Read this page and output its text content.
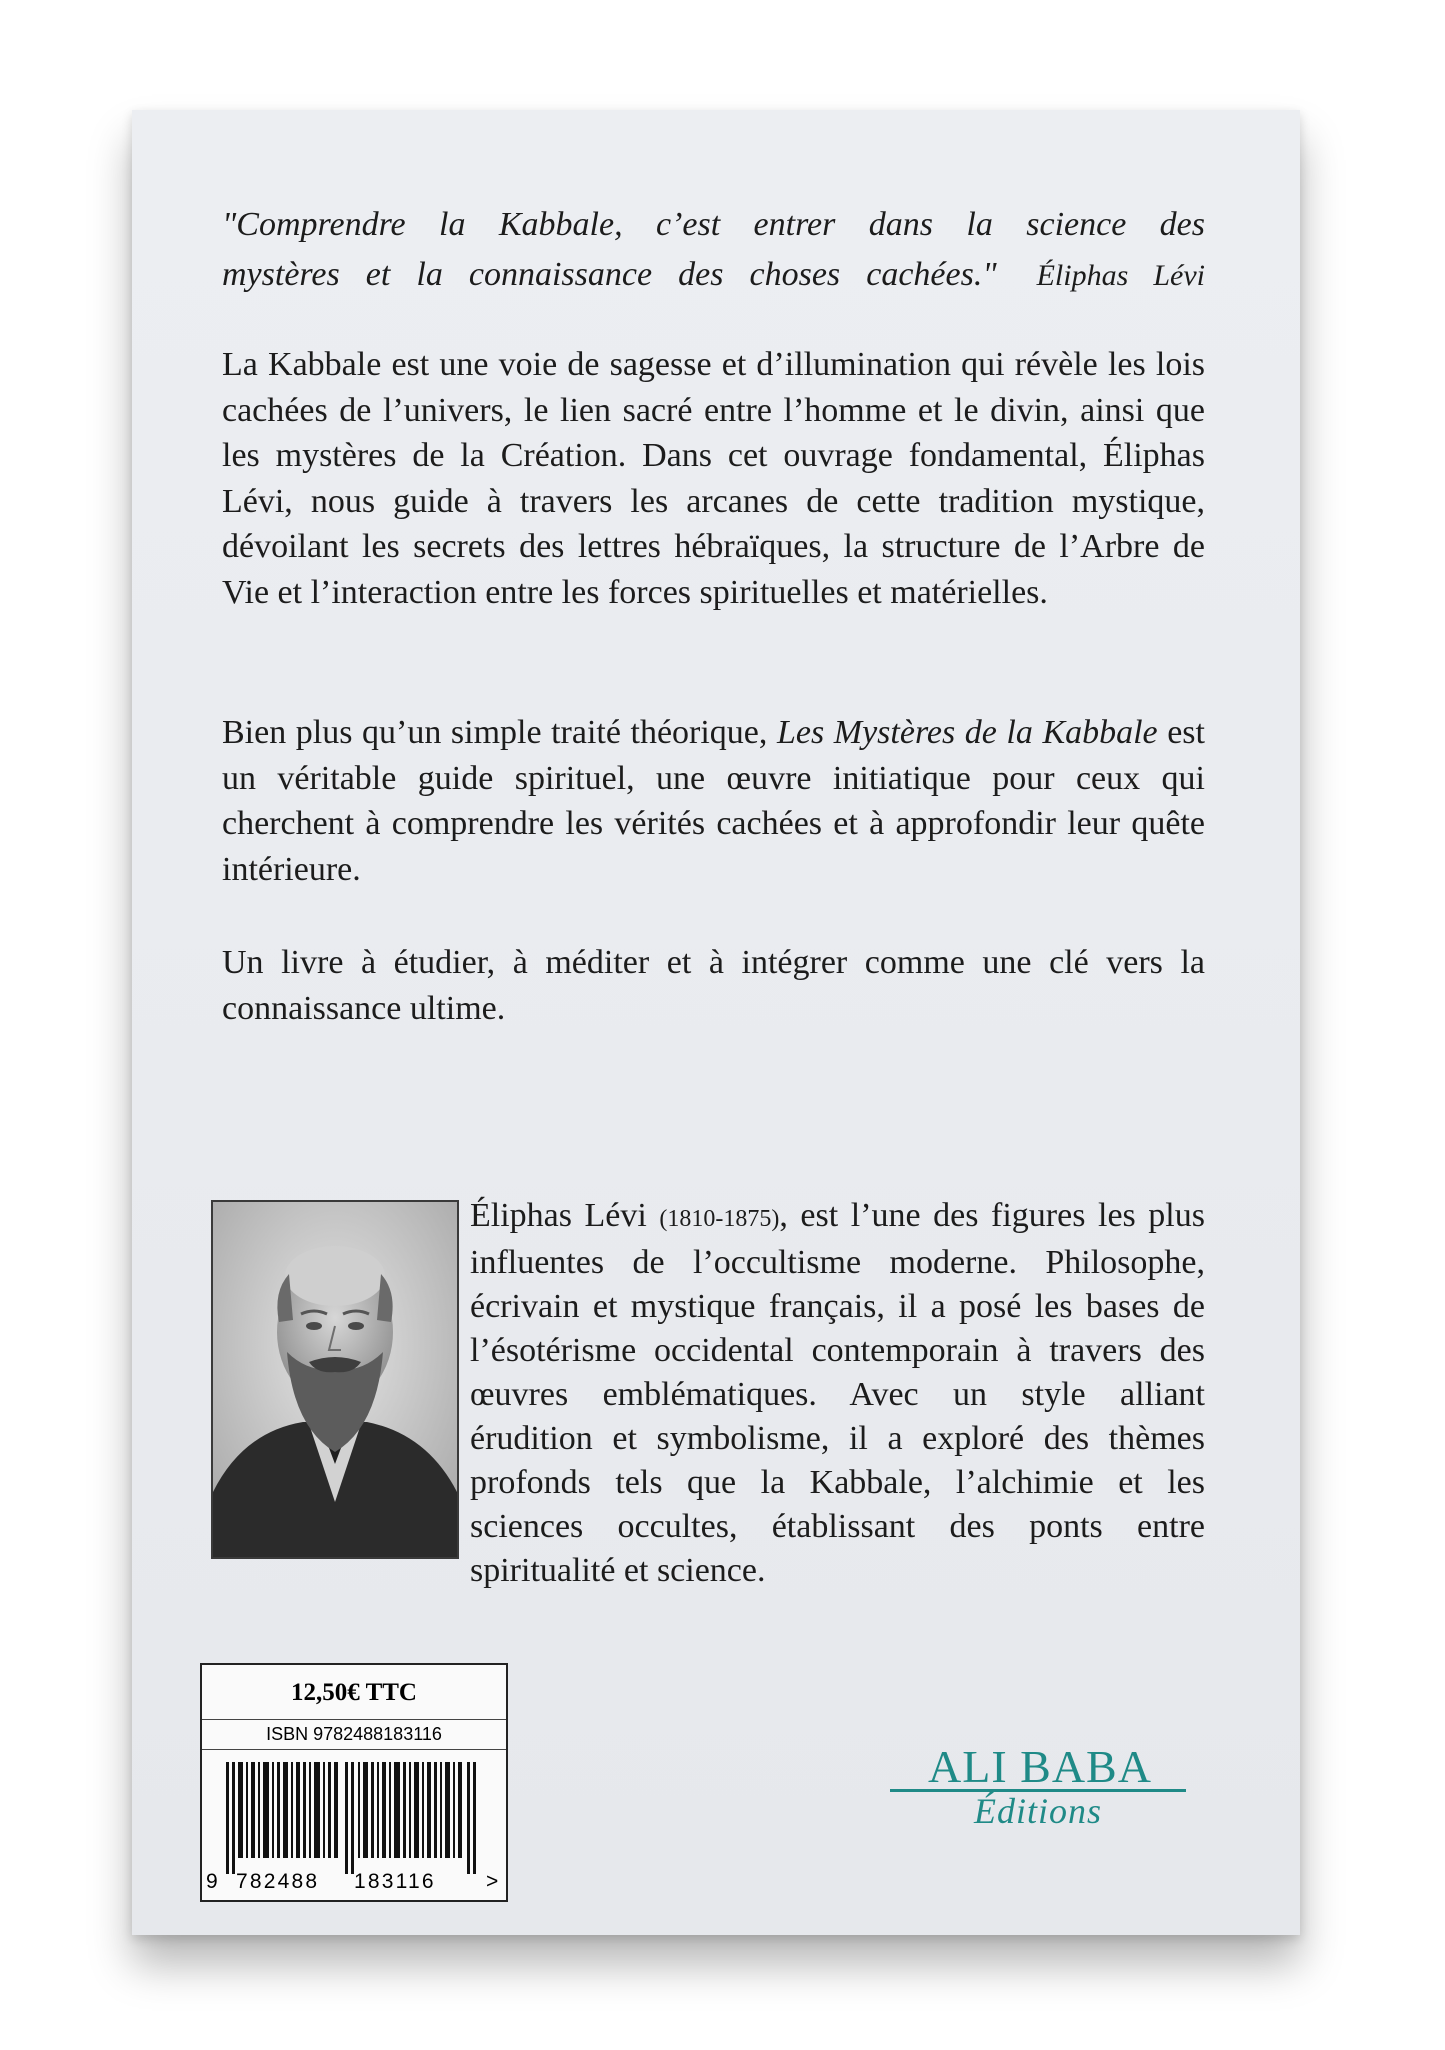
"Comprendre la Kabbale, c’est entrer dans la science des
mystères et la connaissance des choses cachées." Éliphas Lévi
La Kabbale est une voie de sagesse et d’illumination qui révèle les lois cachées de l’univers, le lien sacré entre l’homme et le divin, ainsi que les mystères de la Création. Dans cet ouvrage fondamental, Éliphas Lévi, nous guide à travers les arcanes de cette tradition mystique, dévoilant les secrets des lettres hébraïques, la structure de l’Arbre de Vie et l’interaction entre les forces spirituelles et matérielles.
Bien plus qu’un simple traité théorique, Les Mystères de la Kabbale est un véritable guide spirituel, une œuvre initiatique pour ceux qui cherchent à comprendre les vérités cachées et à approfondir leur quête intérieure.
Un livre à étudier, à méditer et à intégrer comme une clé vers la connaissance ultime.
Éliphas Lévi (1810-1875), est l’une des figures les plus influentes de l’occultisme moderne. Philosophe, écrivain et mystique français, il a posé les bases de l’ésotérisme occidental contemporain à travers des œuvres emblématiques. Avec un style alliant érudition et symbolisme, il a exploré des thèmes profonds tels que la Kabbale, l’alchimie et les sciences occultes, établissant des ponts entre spiritualité et science.
12,50€ TTC
ISBN 9782488183116
9 782488 183116 >
ALI BABA
Éditions
